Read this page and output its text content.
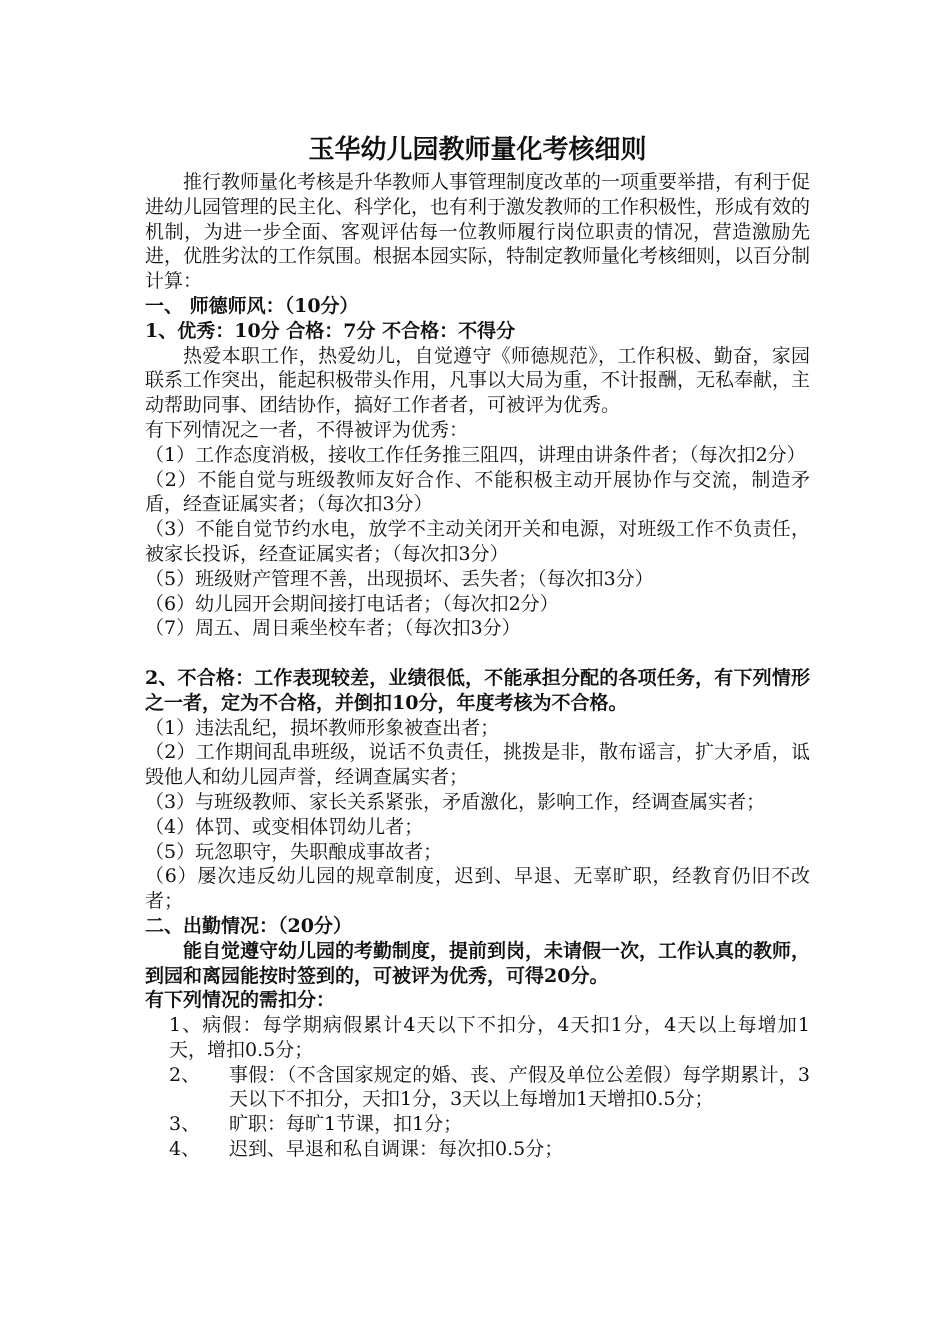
玉华幼儿园教师量化考核细则
推行教师量化考核是升华教师人事管理制度改革的一项重要举措，有利于促进幼儿园管理的民主化、科学化，也有利于激发教师的工作积极性，形成有效的机制，为进一步全面、客观评估每一位教师履行岗位职责的情况，营造激励先进，优胜劣汰的工作氛围。根据本园实际，特制定教师量化考核细则，以百分制计算：
一、 师德师风：（10分）
1、优秀：10分 合格：7分 不合格：不得分
热爱本职工作，热爱幼儿，自觉遵守《师德规范》，工作积极、勤奋，家园联系工作突出，能起积极带头作用，凡事以大局为重，不计报酬，无私奉献，主动帮助同事、团结协作，搞好工作者者，可被评为优秀。
有下列情况之一者，不得被评为优秀：
（1）工作态度消极，接收工作任务推三阻四，讲理由讲条件者；（每次扣2分）
（2）不能自觉与班级教师友好合作、不能积极主动开展协作与交流，制造矛盾，经查证属实者；（每次扣3分）
（3）不能自觉节约水电，放学不主动关闭开关和电源，对班级工作不负责任，被家长投诉，经查证属实者；（每次扣3分）
（5）班级财产管理不善，出现损坏、丢失者；（每次扣3分）
（6）幼儿园开会期间接打电话者；（每次扣2分）
（7）周五、周日乘坐校车者；（每次扣3分）
2、不合格：工作表现较差，业绩很低，不能承担分配的各项任务，有下列情形之一者，定为不合格，并倒扣10分，年度考核为不合格。
（1）违法乱纪，损坏教师形象被查出者；
（2）工作期间乱串班级，说话不负责任，挑拨是非，散布谣言，扩大矛盾，诋毁他人和幼儿园声誉，经调查属实者；
（3）与班级教师、家长关系紧张，矛盾激化，影响工作，经调查属实者；
（4）体罚、或变相体罚幼儿者；
（5）玩忽职守，失职酿成事故者；
（6）屡次违反幼儿园的规章制度，迟到、早退、无辜旷职，经教育仍旧不改者；
二、出勤情况：（20分）
能自觉遵守幼儿园的考勤制度，提前到岗，未请假一次，工作认真的教师，到园和离园能按时签到的，可被评为优秀，可得20分。
有下列情况的需扣分：
1、病假：每学期病假累计4天以下不扣分，4天扣1分，4天以上每增加1天，增扣0.5分；
2、	事假：（不含国家规定的婚、丧、产假及单位公差假）每学期累计，3天以下不扣分，天扣1分，3天以上每增加1天增扣0.5分；
3、	旷职：每旷1节课，扣1分；
4、	迟到、早退和私自调课：每次扣0.5分；
